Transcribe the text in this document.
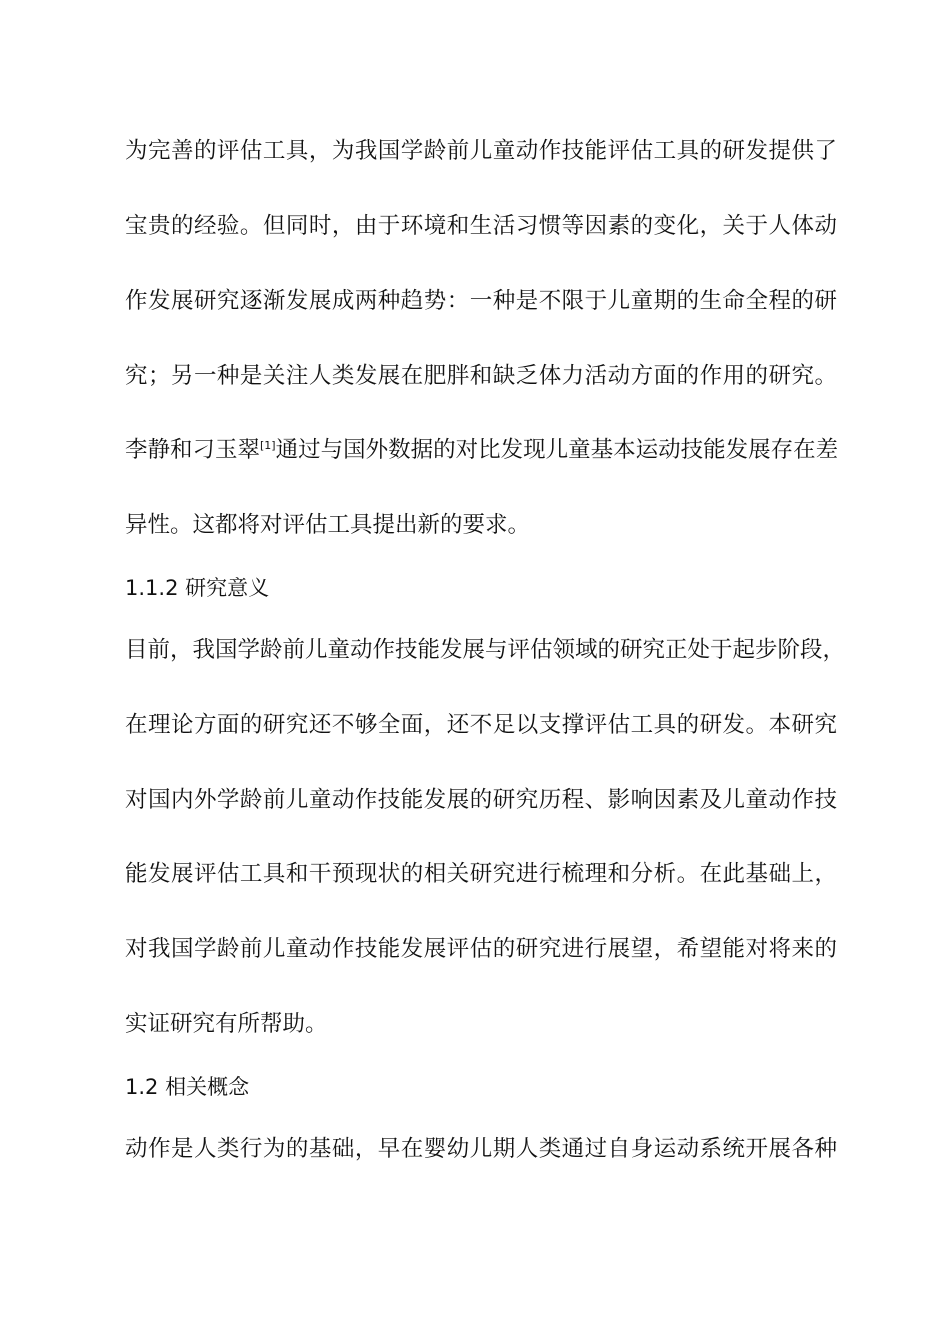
为完善的评估工具，为我国学龄前儿童动作技能评估工具的研发提供了
宝贵的经验。但同时，由于环境和生活习惯等因素的变化，关于人体动
作发展研究逐渐发展成两种趋势：一种是不限于儿童期的生命全程的研
究；另一种是关注人类发展在肥胖和缺乏体力活动方面的作用的研究。
李静和刁玉翠[1]通过与国外数据的对比发现儿童基本运动技能发展存在差
异性。这都将对评估工具提出新的要求。
1.1.2 研究意义
目前，我国学龄前儿童动作技能发展与评估领域的研究正处于起步阶段，
在理论方面的研究还不够全面，还不足以支撑评估工具的研发。本研究
对国内外学龄前儿童动作技能发展的研究历程、影响因素及儿童动作技
能发展评估工具和干预现状的相关研究进行梳理和分析。在此基础上，
对我国学龄前儿童动作技能发展评估的研究进行展望，希望能对将来的
实证研究有所帮助。
1.2 相关概念
动作是人类行为的基础，早在婴幼儿期人类通过自身运动系统开展各种
